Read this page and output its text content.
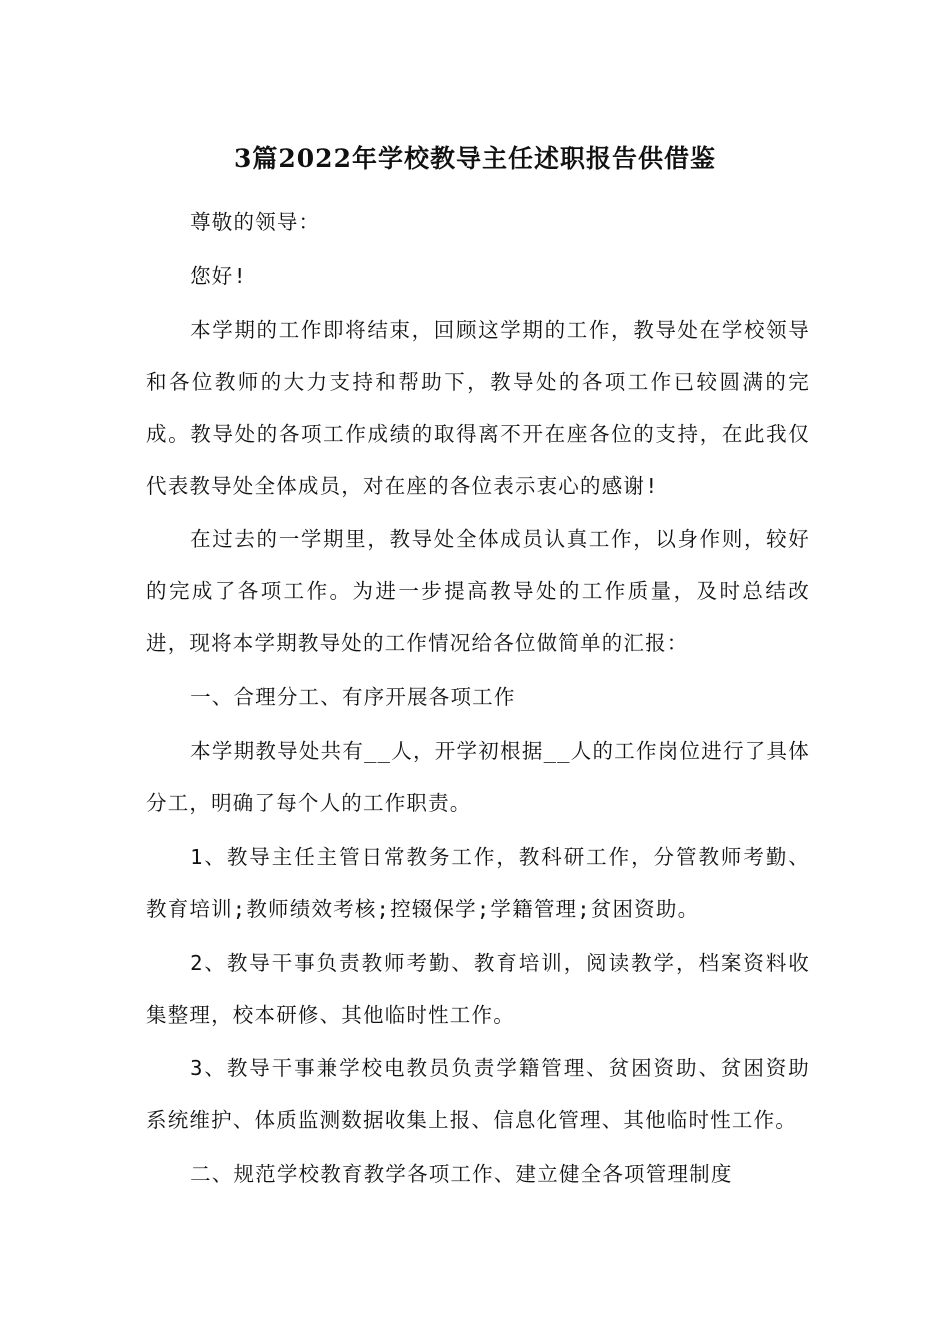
3篇2022年学校教导主任述职报告供借鉴

尊敬的领导：

您好!

本学期的工作即将结束，回顾这学期的工作，教导处在学校领导和各位教师的大力支持和帮助下，教导处的各项工作已较圆满的完成。教导处的各项工作成绩的取得离不开在座各位的支持，在此我仅代表教导处全体成员，对在座的各位表示衷心的感谢!

在过去的一学期里，教导处全体成员认真工作，以身作则，较好的完成了各项工作。为进一步提高教导处的工作质量，及时总结改进，现将本学期教导处的工作情况给各位做简单的汇报：

一、合理分工、有序开展各项工作

本学期教导处共有__人，开学初根据__人的工作岗位进行了具体分工，明确了每个人的工作职责。

1、教导主任主管日常教务工作，教科研工作，分管教师考勤、教育培训;教师绩效考核;控辍保学;学籍管理;贫困资助。

2、教导干事负责教师考勤、教育培训，阅读教学，档案资料收集整理，校本研修、其他临时性工作。

3、教导干事兼学校电教员负责学籍管理、贫困资助、贫困资助系统维护、体质监测数据收集上报、信息化管理、其他临时性工作。

二、规范学校教育教学各项工作、建立健全各项管理制度
